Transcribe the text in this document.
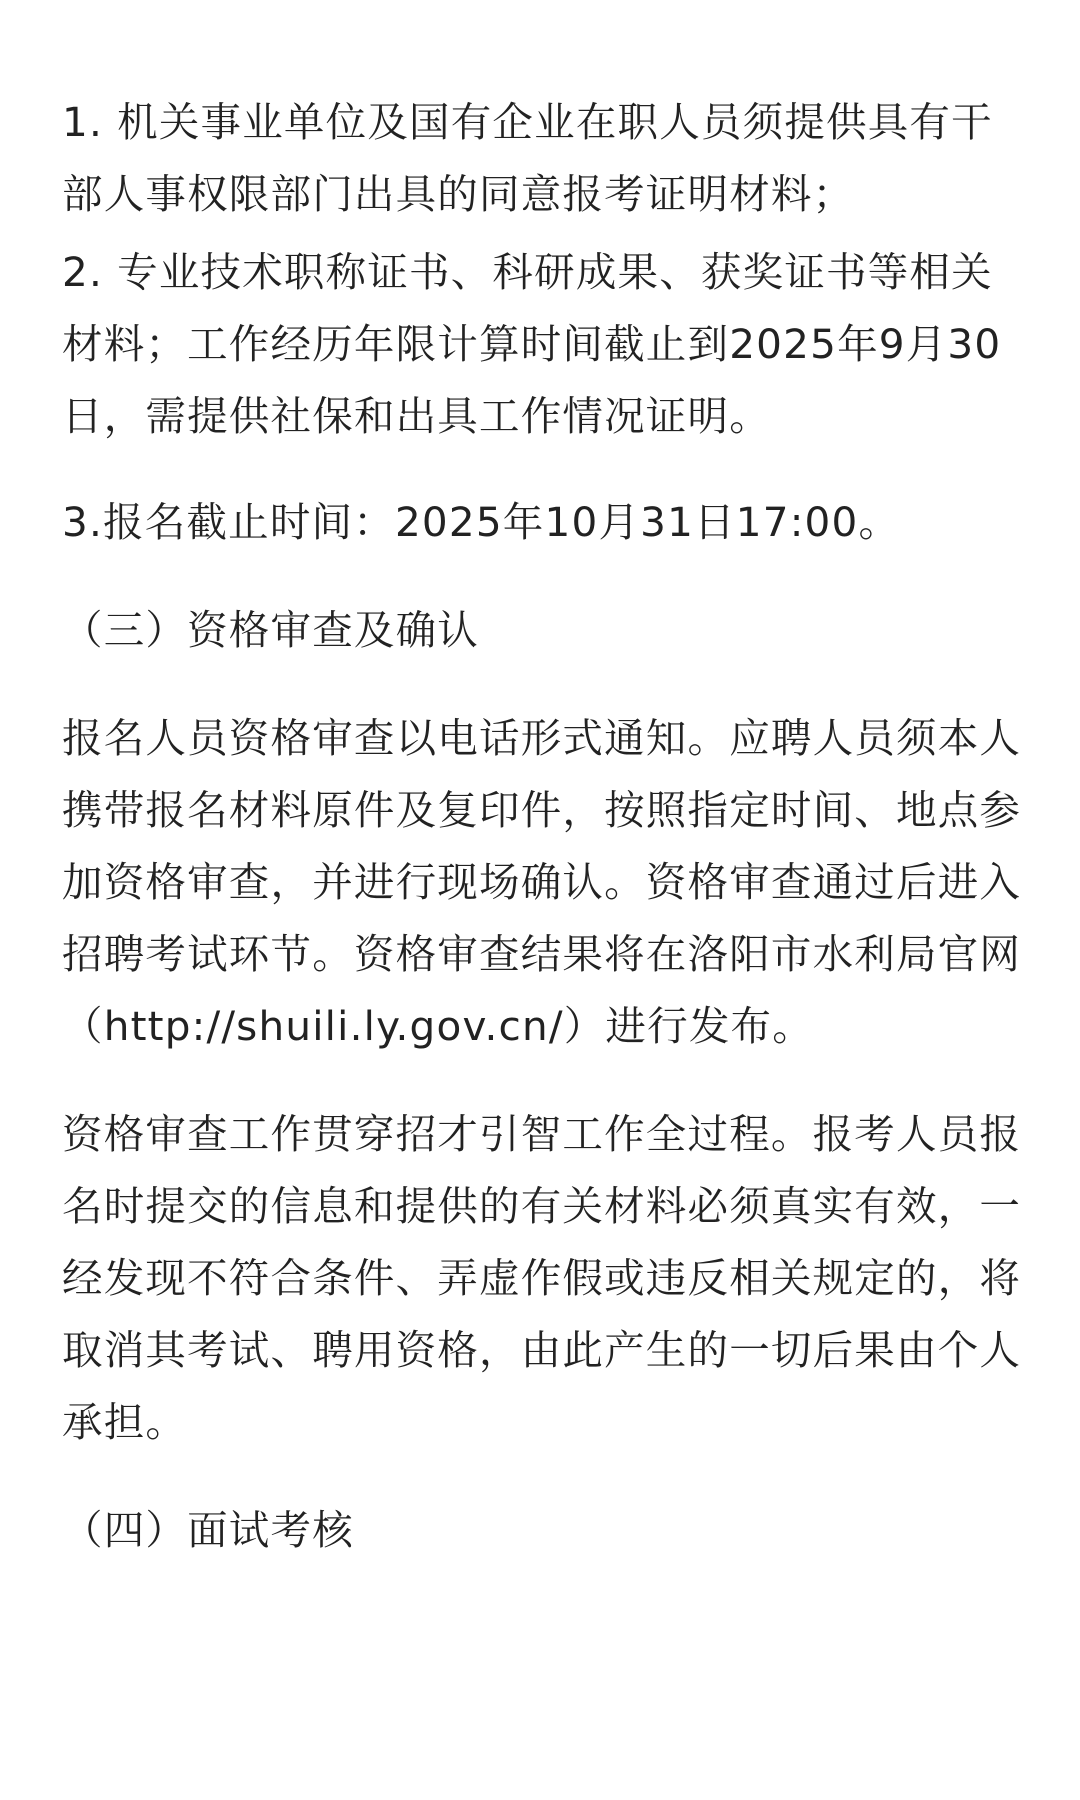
1. 机关事业单位及国有企业在职人员须提供具有干部人事权限部门出具的同意报考证明材料；

2. 专业技术职称证书、科研成果、获奖证书等相关材料；工作经历年限计算时间截止到2025年9月30日，需提供社保和出具工作情况证明。

3.报名截止时间：2025年10月31日17:00。

（三）资格审查及确认

报名人员资格审查以电话形式通知。应聘人员须本人携带报名材料原件及复印件，按照指定时间、地点参加资格审查，并进行现场确认。资格审查通过后进入招聘考试环节。资格审查结果将在洛阳市水利局官网（http://shuili.ly.gov.cn/）进行发布。

资格审查工作贯穿招才引智工作全过程。报考人员报名时提交的信息和提供的有关材料必须真实有效，一经发现不符合条件、弄虚作假或违反相关规定的，将取消其考试、聘用资格，由此产生的一切后果由个人承担。

（四）面试考核
